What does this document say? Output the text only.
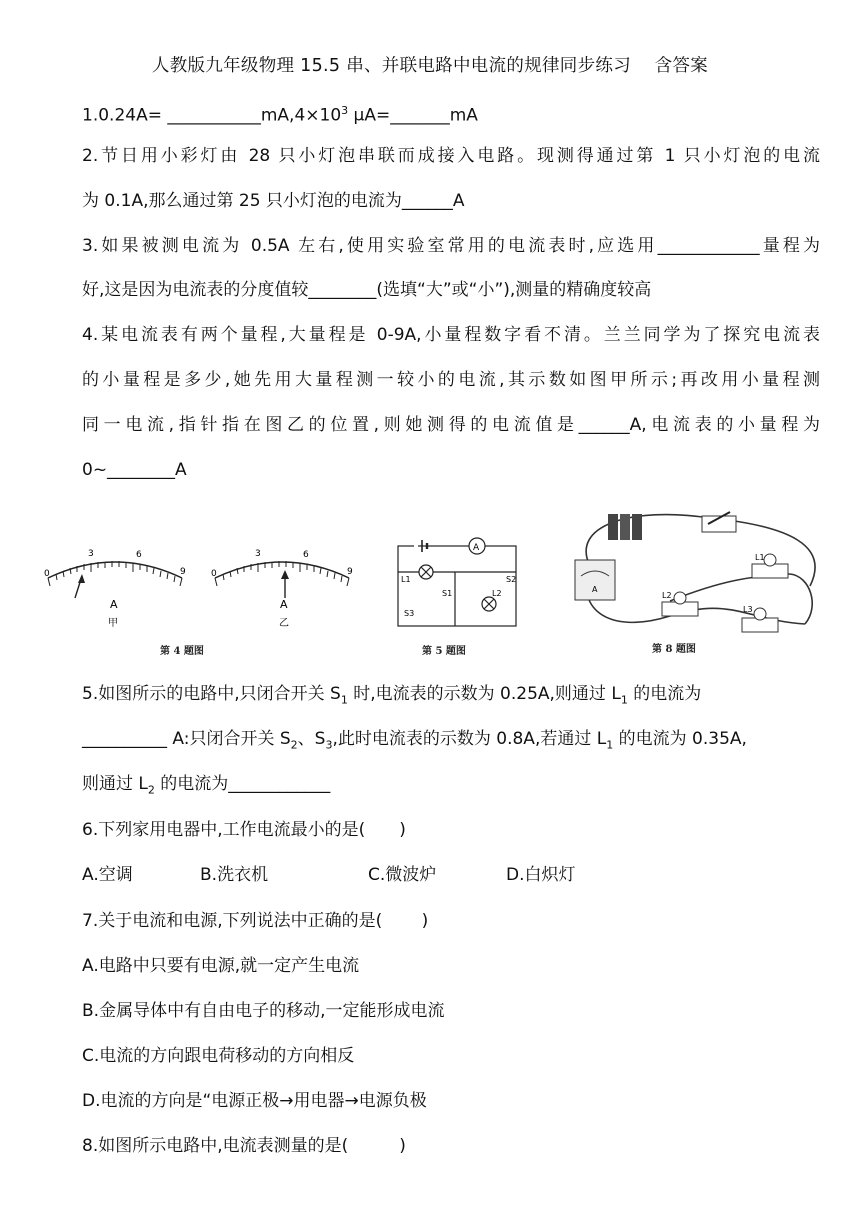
人教版九年级物理 15.5 串、并联电路中电流的规律同步练习　 含答案
$1.0.24A= \_\_\_\_\_\_\_\_\_\_\_mA,4\times 10^3$ μA=_______mA
2.节日用小彩灯由 28 只小灯泡串联而成接入电路。现测得通过第 1 只小灯泡的电流
为 0.1A,那么通过第 25 只小灯泡的电流为______A
3.如果被测电流为 0.5A 左右,使用实验室常用的电流表时,应选用____________量程为
好,这是因为电流表的分度值较________(选填“大”或“小”),测量的精确度较高
4.某电流表有两个量程,大量程是 0-9A,小量程数字看不清。兰兰同学为了探究电流表
的小量程是多少,她先用大量程测一较小的电流,其示数如图甲所示;再改用小量程测
同一电流,指针指在图乙的位置,则她测得的电流值是______A,电流表的小量程为
0~________A
0
3	6
9
A
甲
0
3	6
9
A
乙
第 4 题图
A
L1
L2
S1
S2
S3
第 5 题图
A
L1
L2
L3
第 8 题图
5.如图所示的电路中,只闭合开关 $S_1$ 时,电流表的示数为 0.25A,则通过 $L_1$ 的电流为
__________ A:只闭合开关 $S_2$、$S_3$,此时电流表的示数为 0.8A,若通过 $L_1$ 的电流为 0.35A,
则通过 $L_2$ 的电流为____________
6.下列家用电器中,工作电流最小的是(　　)
A.空调	B.洗衣机	C.微波炉	D.白炽灯
7.关于电流和电源,下列说法中正确的是(　　 )
A.电路中只要有电源,就一定产生电流
B.金属导体中有自由电子的移动,一定能形成电流
C.电流的方向跟电荷移动的方向相反
D.电流的方向是“电源正极→用电器→电源负极
8.如图所示电路中,电流表测量的是(　　　)
